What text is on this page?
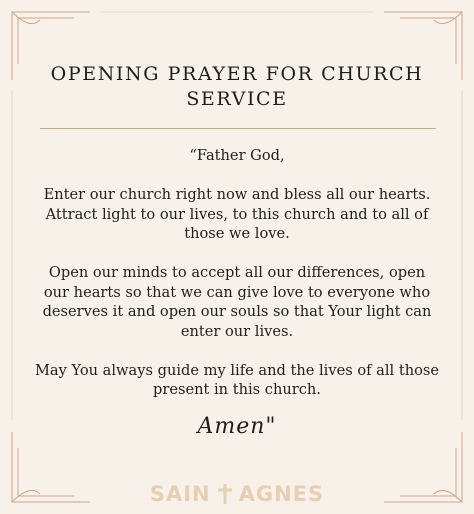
OPENING PRAYER FOR CHURCH SERVICE

“Father God,

Enter our church right now and bless all our hearts. Attract light to our lives, to this church and to all of those we love.

Open our minds to accept all our differences, open our hearts so that we can give love to everyone who deserves it and open our souls so that Your light can enter our lives.

May You always guide my life and the lives of all those present in this church.

Amen"
SAIN AGNES
